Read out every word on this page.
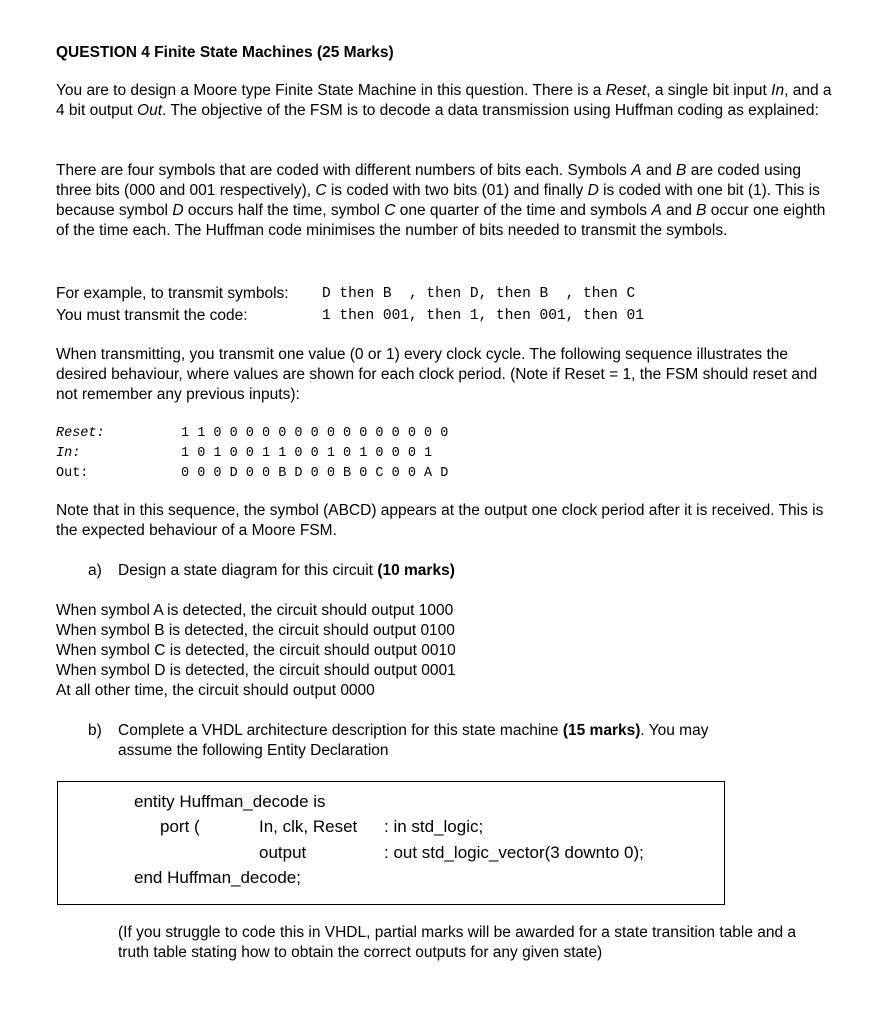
QUESTION 4 Finite State Machines (25 Marks)
You are to design a Moore type Finite State Machine in this question. There is a Reset, a single bit input In, and a 4 bit output Out. The objective of the FSM is to decode a data transmission using Huffman coding as explained:
There are four symbols that are coded with different numbers of bits each. Symbols A and B are coded using three bits (000 and 001 respectively), C is coded with two bits (01) and finally D is coded with one bit (1). This is because symbol D occurs half the time, symbol C one quarter of the time and symbols A and B occur one eighth of the time each. The Huffman code minimises the number of bits needed to transmit the symbols.
For example, to transmit symbols:	D then B  , then D, then B  , then C
You must transmit the code:	1 then 001, then 1, then 001, then 01
When transmitting, you transmit one value (0 or 1) every clock cycle. The following sequence illustrates the desired behaviour, where values are shown for each clock period. (Note if Reset = 1, the FSM should reset and not remember any previous inputs):
Reset:	1 1 0 0 0 0 0 0 0 0 0 0 0 0 0 0 0
In:	1 0 1 0 0 1 1 0 0 1 0 1 0 0 0 1
Out:	0 0 0 D 0 0 B D 0 0 B 0 C 0 0 A D
Note that in this sequence, the symbol (ABCD) appears at the output one clock period after it is received. This is the expected behaviour of a Moore FSM.
a) Design a state diagram for this circuit (10 marks)
When symbol A is detected, the circuit should output 1000
When symbol B is detected, the circuit should output 0100
When symbol C is detected, the circuit should output 0010
When symbol D is detected, the circuit should output 0001
At all other time, the circuit should output 0000
b) Complete a VHDL architecture description for this state machine (15 marks). You may
assume the following Entity Declaration
entity Huffman_decode is
port (	In, clk, Reset : in std_logic;
output	: out std_logic_vector(3 downto 0);
end Huffman_decode;
(If you struggle to code this in VHDL, partial marks will be awarded for a state transition table and a truth table stating how to obtain the correct outputs for any given state)
